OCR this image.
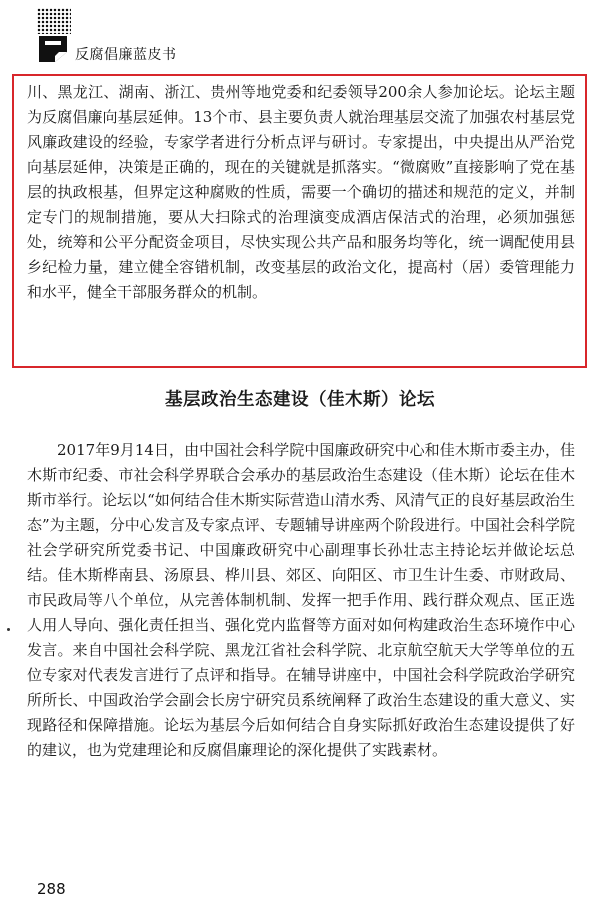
反腐倡廉蓝皮书

川、黑龙江、湖南、浙江、贵州等地党委和纪委领导200余人参加论坛。论坛主题为反腐倡廉向基层延伸。13个市、县主要负责人就治理基层交流了加强农村基层党风廉政建设的经验，专家学者进行分析点评与研讨。专家提出，中央提出从严治党向基层延伸，决策是正确的，现在的关键就是抓落实。“微腐败”直接影响了党在基层的执政根基，但界定这种腐败的性质，需要一个确切的描述和规范的定义，并制定专门的规制措施，要从大扫除式的治理演变成酒店保洁式的治理，必须加强惩处，统筹和公平分配资金项目，尽快实现公共产品和服务均等化，统一调配使用县乡纪检力量，建立健全容错机制，改变基层的政治文化，提高村（居）委管理能力和水平，健全干部服务群众的机制。

基层政治生态建设（佳木斯）论坛

2017年9月14日，由中国社会科学院中国廉政研究中心和佳木斯市委主办，佳木斯市纪委、市社会科学界联合会承办的基层政治生态建设（佳木斯）论坛在佳木斯市举行。论坛以“如何结合佳木斯实际营造山清水秀、风清气正的良好基层政治生态”为主题，分中心发言及专家点评、专题辅导讲座两个阶段进行。中国社会科学院社会学研究所党委书记、中国廉政研究中心副理事长孙壮志主持论坛并做论坛总结。佳木斯桦南县、汤原县、桦川县、郊区、向阳区、市卫生计生委、市财政局、市民政局等八个单位，从完善体制机制、发挥一把手作用、践行群众观点、匡正选人用人导向、强化责任担当、强化党内监督等方面对如何构建政治生态环境作中心发言。来自中国社会科学院、黑龙江省社会科学院、北京航空航天大学等单位的五位专家对代表发言进行了点评和指导。在辅导讲座中，中国社会科学院政治学研究所所长、中国政治学会副会长房宁研究员系统阐释了政治生态建设的重大意义、实现路径和保障措施。论坛为基层今后如何结合自身实际抓好政治生态建设提供了好的建议，也为党建理论和反腐倡廉理论的深化提供了实践素材。

288
